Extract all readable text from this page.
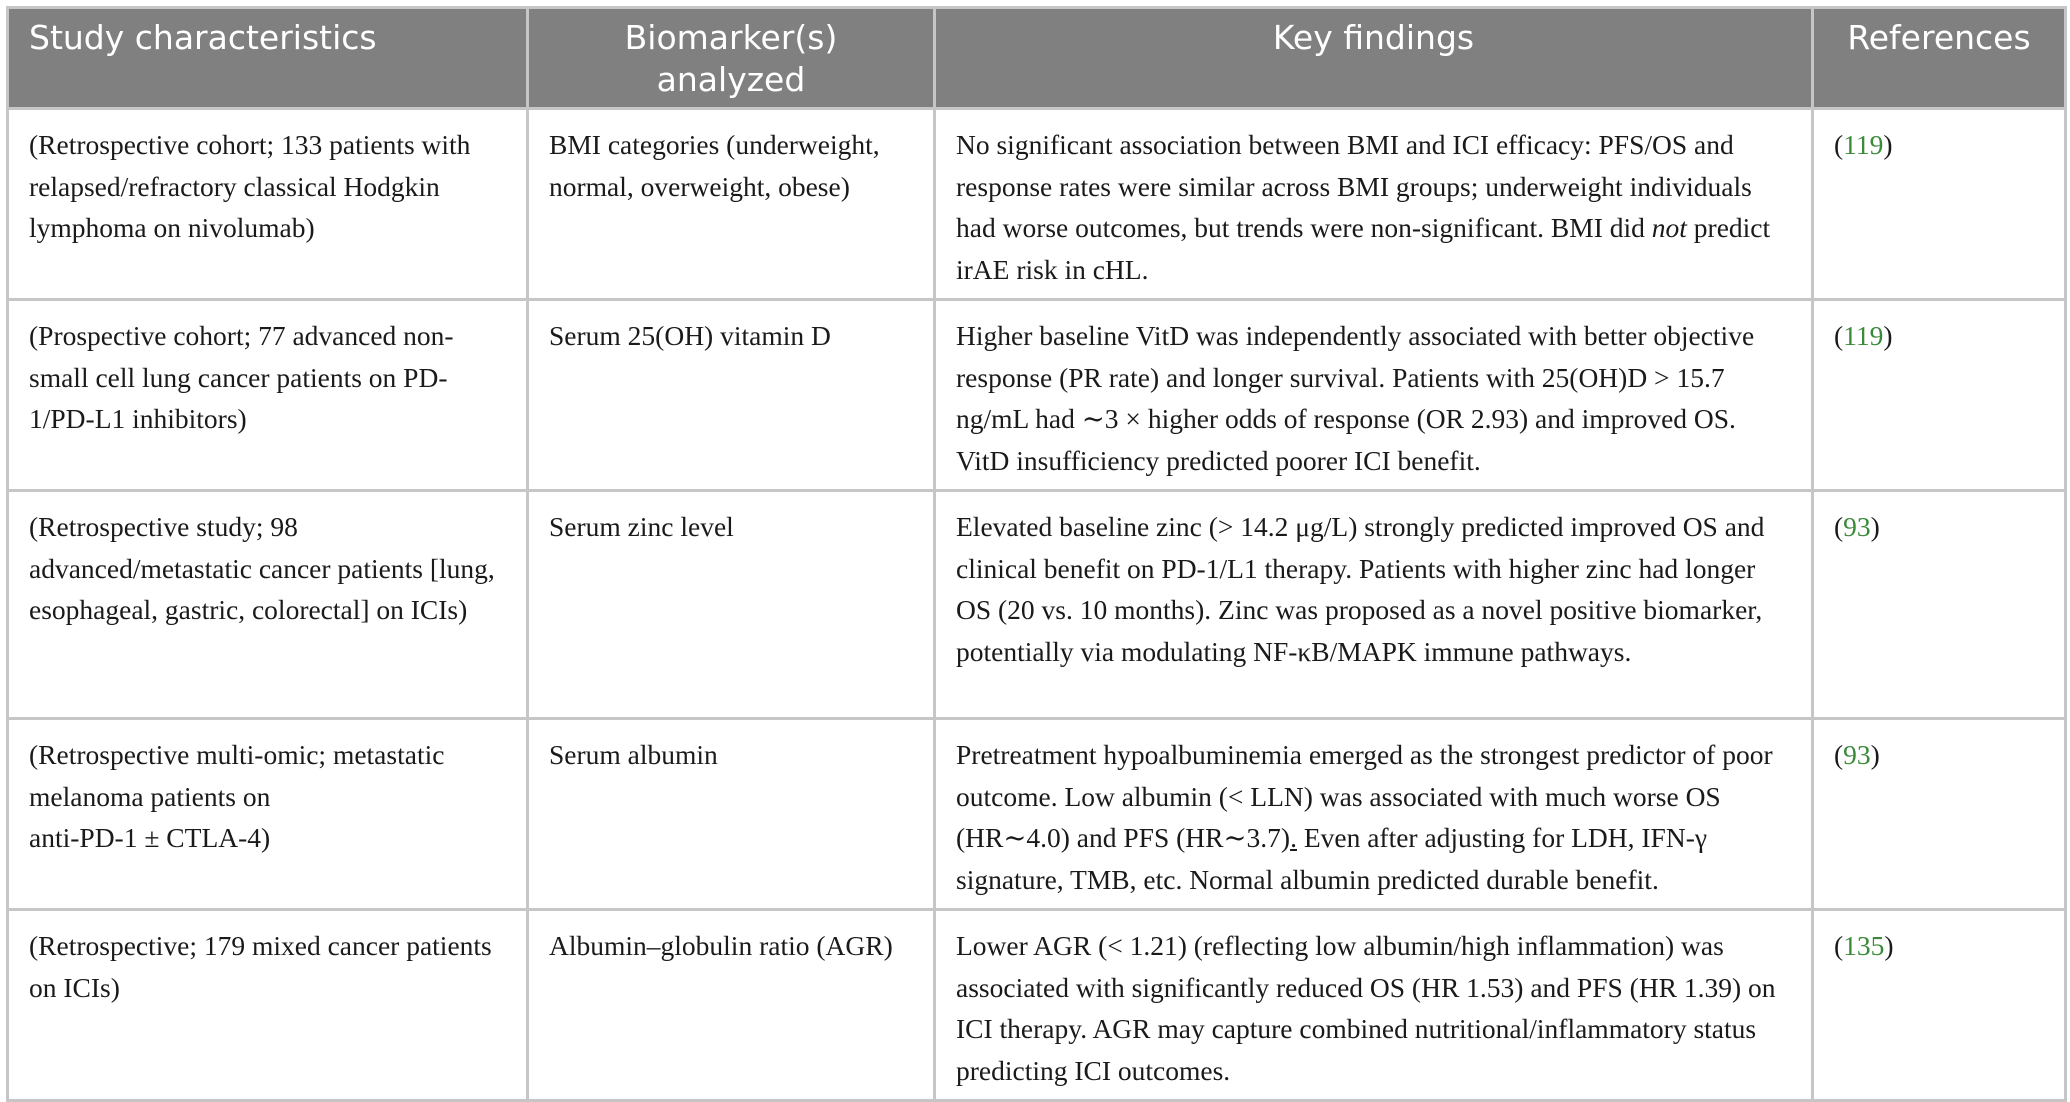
Study characteristics	Biomarker(s) analyzed	Key findings	References
(Retrospective cohort; 133 patients with relapsed/refractory classical Hodgkin lymphoma on nivolumab)	BMI categories (underweight, normal, overweight, obese)	No significant association between BMI and ICI efficacy: PFS/OS and response rates were similar across BMI groups; underweight individuals had worse outcomes, but trends were non-significant. BMI did not predict irAE risk in cHL.	(119)
(Prospective cohort; 77 advanced non-small cell lung cancer patients on PD-1/PD-L1 inhibitors)	Serum 25(OH) vitamin D	Higher baseline VitD was independently associated with better objective response (PR rate) and longer survival. Patients with 25(OH)D > 15.7 ng/mL had ∼3 × higher odds of response (OR 2.93) and improved OS. VitD insufficiency predicted poorer ICI benefit.	(119)
(Retrospective study; 98 advanced/metastatic cancer patients [lung, esophageal, gastric, colorectal] on ICIs)	Serum zinc level	Elevated baseline zinc (> 14.2 μg/L) strongly predicted improved OS and clinical benefit on PD-1/L1 therapy. Patients with higher zinc had longer OS (20 vs. 10 months). Zinc was proposed as a novel positive biomarker, potentially via modulating NF-κB/MAPK immune pathways.	(93)
(Retrospective multi-omic; metastatic melanoma patients on
anti-PD-1 ± CTLA-4)	Serum albumin	Pretreatment hypoalbuminemia emerged as the strongest predictor of poor outcome. Low albumin (< LLN) was associated with much worse OS (HR∼4.0) and PFS (HR∼3.7). Even after adjusting for LDH, IFN-γ signature, TMB, etc. Normal albumin predicted durable benefit.	(93)
(Retrospective; 179 mixed cancer patients on ICIs)	Albumin–globulin ratio (AGR)	Lower AGR (< 1.21) (reflecting low albumin/high inflammation) was associated with significantly reduced OS (HR 1.53) and PFS (HR 1.39) on ICI therapy. AGR may capture combined nutritional/inflammatory status predicting ICI outcomes.	(135)
